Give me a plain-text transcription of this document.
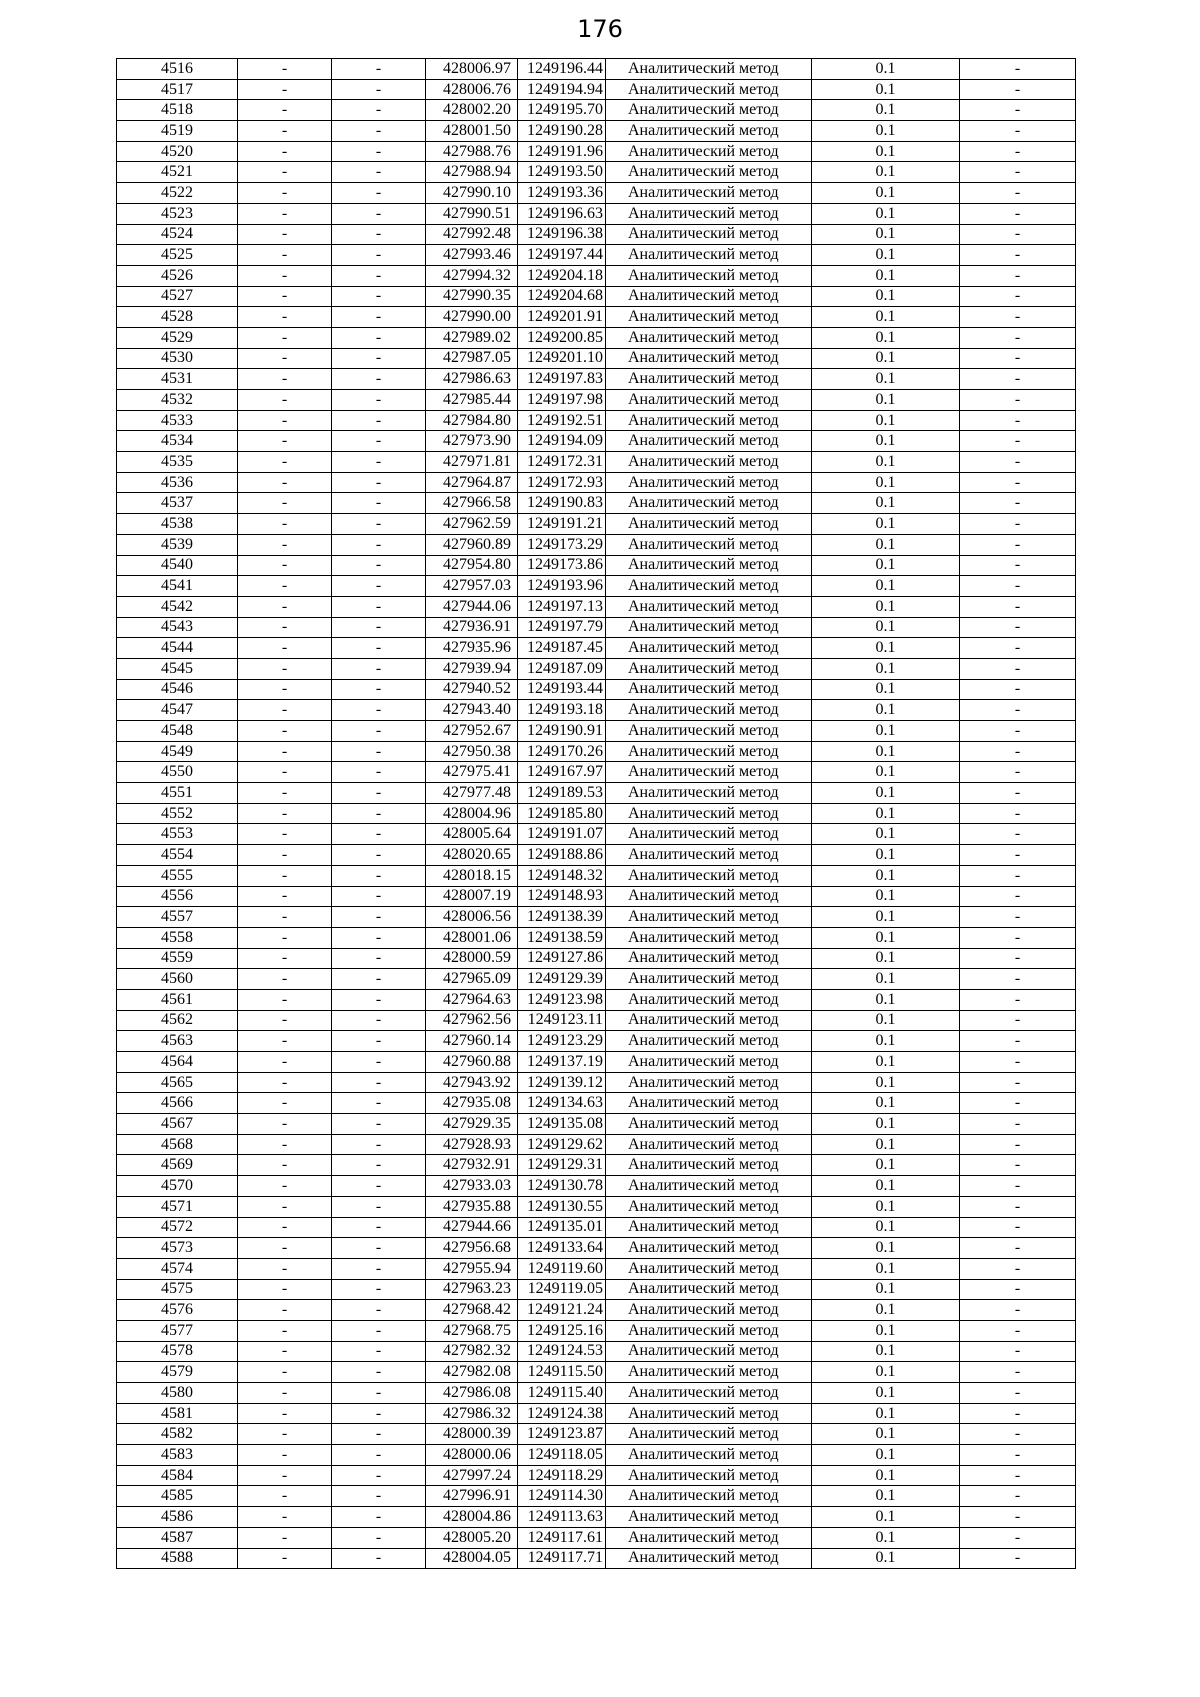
176
4516	-	-	428006.97	1249196.44	Аналитический метод	0.1	-
4517	-	-	428006.76	1249194.94	Аналитический метод	0.1	-
4518	-	-	428002.20	1249195.70	Аналитический метод	0.1	-
4519	-	-	428001.50	1249190.28	Аналитический метод	0.1	-
4520	-	-	427988.76	1249191.96	Аналитический метод	0.1	-
4521	-	-	427988.94	1249193.50	Аналитический метод	0.1	-
4522	-	-	427990.10	1249193.36	Аналитический метод	0.1	-
4523	-	-	427990.51	1249196.63	Аналитический метод	0.1	-
4524	-	-	427992.48	1249196.38	Аналитический метод	0.1	-
4525	-	-	427993.46	1249197.44	Аналитический метод	0.1	-
4526	-	-	427994.32	1249204.18	Аналитический метод	0.1	-
4527	-	-	427990.35	1249204.68	Аналитический метод	0.1	-
4528	-	-	427990.00	1249201.91	Аналитический метод	0.1	-
4529	-	-	427989.02	1249200.85	Аналитический метод	0.1	-
4530	-	-	427987.05	1249201.10	Аналитический метод	0.1	-
4531	-	-	427986.63	1249197.83	Аналитический метод	0.1	-
4532	-	-	427985.44	1249197.98	Аналитический метод	0.1	-
4533	-	-	427984.80	1249192.51	Аналитический метод	0.1	-
4534	-	-	427973.90	1249194.09	Аналитический метод	0.1	-
4535	-	-	427971.81	1249172.31	Аналитический метод	0.1	-
4536	-	-	427964.87	1249172.93	Аналитический метод	0.1	-
4537	-	-	427966.58	1249190.83	Аналитический метод	0.1	-
4538	-	-	427962.59	1249191.21	Аналитический метод	0.1	-
4539	-	-	427960.89	1249173.29	Аналитический метод	0.1	-
4540	-	-	427954.80	1249173.86	Аналитический метод	0.1	-
4541	-	-	427957.03	1249193.96	Аналитический метод	0.1	-
4542	-	-	427944.06	1249197.13	Аналитический метод	0.1	-
4543	-	-	427936.91	1249197.79	Аналитический метод	0.1	-
4544	-	-	427935.96	1249187.45	Аналитический метод	0.1	-
4545	-	-	427939.94	1249187.09	Аналитический метод	0.1	-
4546	-	-	427940.52	1249193.44	Аналитический метод	0.1	-
4547	-	-	427943.40	1249193.18	Аналитический метод	0.1	-
4548	-	-	427952.67	1249190.91	Аналитический метод	0.1	-
4549	-	-	427950.38	1249170.26	Аналитический метод	0.1	-
4550	-	-	427975.41	1249167.97	Аналитический метод	0.1	-
4551	-	-	427977.48	1249189.53	Аналитический метод	0.1	-
4552	-	-	428004.96	1249185.80	Аналитический метод	0.1	-
4553	-	-	428005.64	1249191.07	Аналитический метод	0.1	-
4554	-	-	428020.65	1249188.86	Аналитический метод	0.1	-
4555	-	-	428018.15	1249148.32	Аналитический метод	0.1	-
4556	-	-	428007.19	1249148.93	Аналитический метод	0.1	-
4557	-	-	428006.56	1249138.39	Аналитический метод	0.1	-
4558	-	-	428001.06	1249138.59	Аналитический метод	0.1	-
4559	-	-	428000.59	1249127.86	Аналитический метод	0.1	-
4560	-	-	427965.09	1249129.39	Аналитический метод	0.1	-
4561	-	-	427964.63	1249123.98	Аналитический метод	0.1	-
4562	-	-	427962.56	1249123.11	Аналитический метод	0.1	-
4563	-	-	427960.14	1249123.29	Аналитический метод	0.1	-
4564	-	-	427960.88	1249137.19	Аналитический метод	0.1	-
4565	-	-	427943.92	1249139.12	Аналитический метод	0.1	-
4566	-	-	427935.08	1249134.63	Аналитический метод	0.1	-
4567	-	-	427929.35	1249135.08	Аналитический метод	0.1	-
4568	-	-	427928.93	1249129.62	Аналитический метод	0.1	-
4569	-	-	427932.91	1249129.31	Аналитический метод	0.1	-
4570	-	-	427933.03	1249130.78	Аналитический метод	0.1	-
4571	-	-	427935.88	1249130.55	Аналитический метод	0.1	-
4572	-	-	427944.66	1249135.01	Аналитический метод	0.1	-
4573	-	-	427956.68	1249133.64	Аналитический метод	0.1	-
4574	-	-	427955.94	1249119.60	Аналитический метод	0.1	-
4575	-	-	427963.23	1249119.05	Аналитический метод	0.1	-
4576	-	-	427968.42	1249121.24	Аналитический метод	0.1	-
4577	-	-	427968.75	1249125.16	Аналитический метод	0.1	-
4578	-	-	427982.32	1249124.53	Аналитический метод	0.1	-
4579	-	-	427982.08	1249115.50	Аналитический метод	0.1	-
4580	-	-	427986.08	1249115.40	Аналитический метод	0.1	-
4581	-	-	427986.32	1249124.38	Аналитический метод	0.1	-
4582	-	-	428000.39	1249123.87	Аналитический метод	0.1	-
4583	-	-	428000.06	1249118.05	Аналитический метод	0.1	-
4584	-	-	427997.24	1249118.29	Аналитический метод	0.1	-
4585	-	-	427996.91	1249114.30	Аналитический метод	0.1	-
4586	-	-	428004.86	1249113.63	Аналитический метод	0.1	-
4587	-	-	428005.20	1249117.61	Аналитический метод	0.1	-
4588	-	-	428004.05	1249117.71	Аналитический метод	0.1	-
